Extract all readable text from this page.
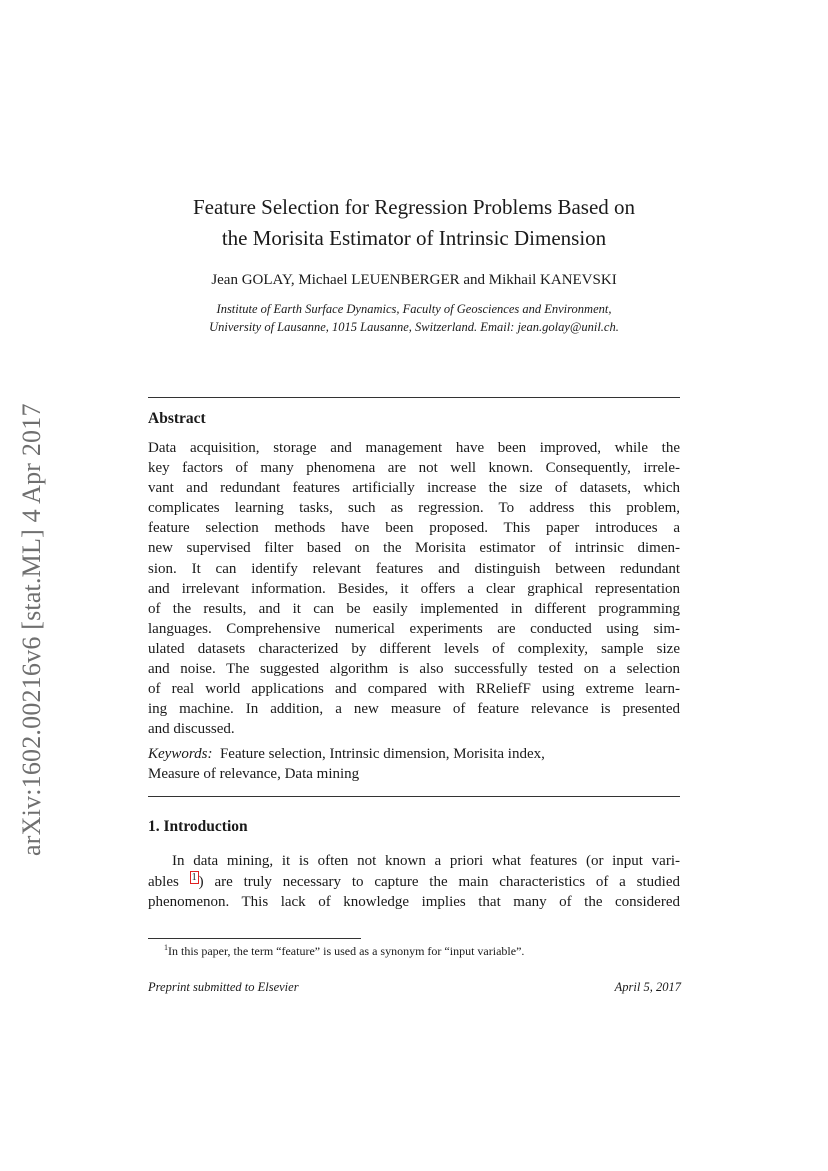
arXiv:1602.00216v6 [stat.ML] 4 Apr 2017
Feature Selection for Regression Problems Based on
the Morisita Estimator of Intrinsic Dimension
Jean GOLAY, Michael LEUENBERGER and Mikhail KANEVSKI
Institute of Earth Surface Dynamics, Faculty of Geosciences and Environment,
University of Lausanne, 1015 Lausanne, Switzerland. Email: jean.golay@unil.ch.
Abstract
Data acquisition, storage and management have been improved, while the
key factors of many phenomena are not well known. Consequently, irrele-
vant and redundant features artificially increase the size of datasets, which
complicates learning tasks, such as regression. To address this problem,
feature selection methods have been proposed. This paper introduces a
new supervised filter based on the Morisita estimator of intrinsic dimen-
sion. It can identify relevant features and distinguish between redundant
and irrelevant information. Besides, it offers a clear graphical representation
of the results, and it can be easily implemented in different programming
languages. Comprehensive numerical experiments are conducted using sim-
ulated datasets characterized by different levels of complexity, sample size
and noise. The suggested algorithm is also successfully tested on a selection
of real world applications and compared with RReliefF using extreme learn-
ing machine. In addition, a new measure of feature relevance is presented
and discussed.
Keywords: Feature selection, Intrinsic dimension, Morisita index,
Measure of relevance, Data mining
1. Introduction
In data mining, it is often not known a priori what features (or input vari-
ables 1 ) are truly necessary to capture the main characteristics of a studied
phenomenon. This lack of knowledge implies that many of the considered
$^1$In this paper, the term “feature” is used as a synonym for “input variable”.
Preprint submitted to Elsevier	April 5, 2017
